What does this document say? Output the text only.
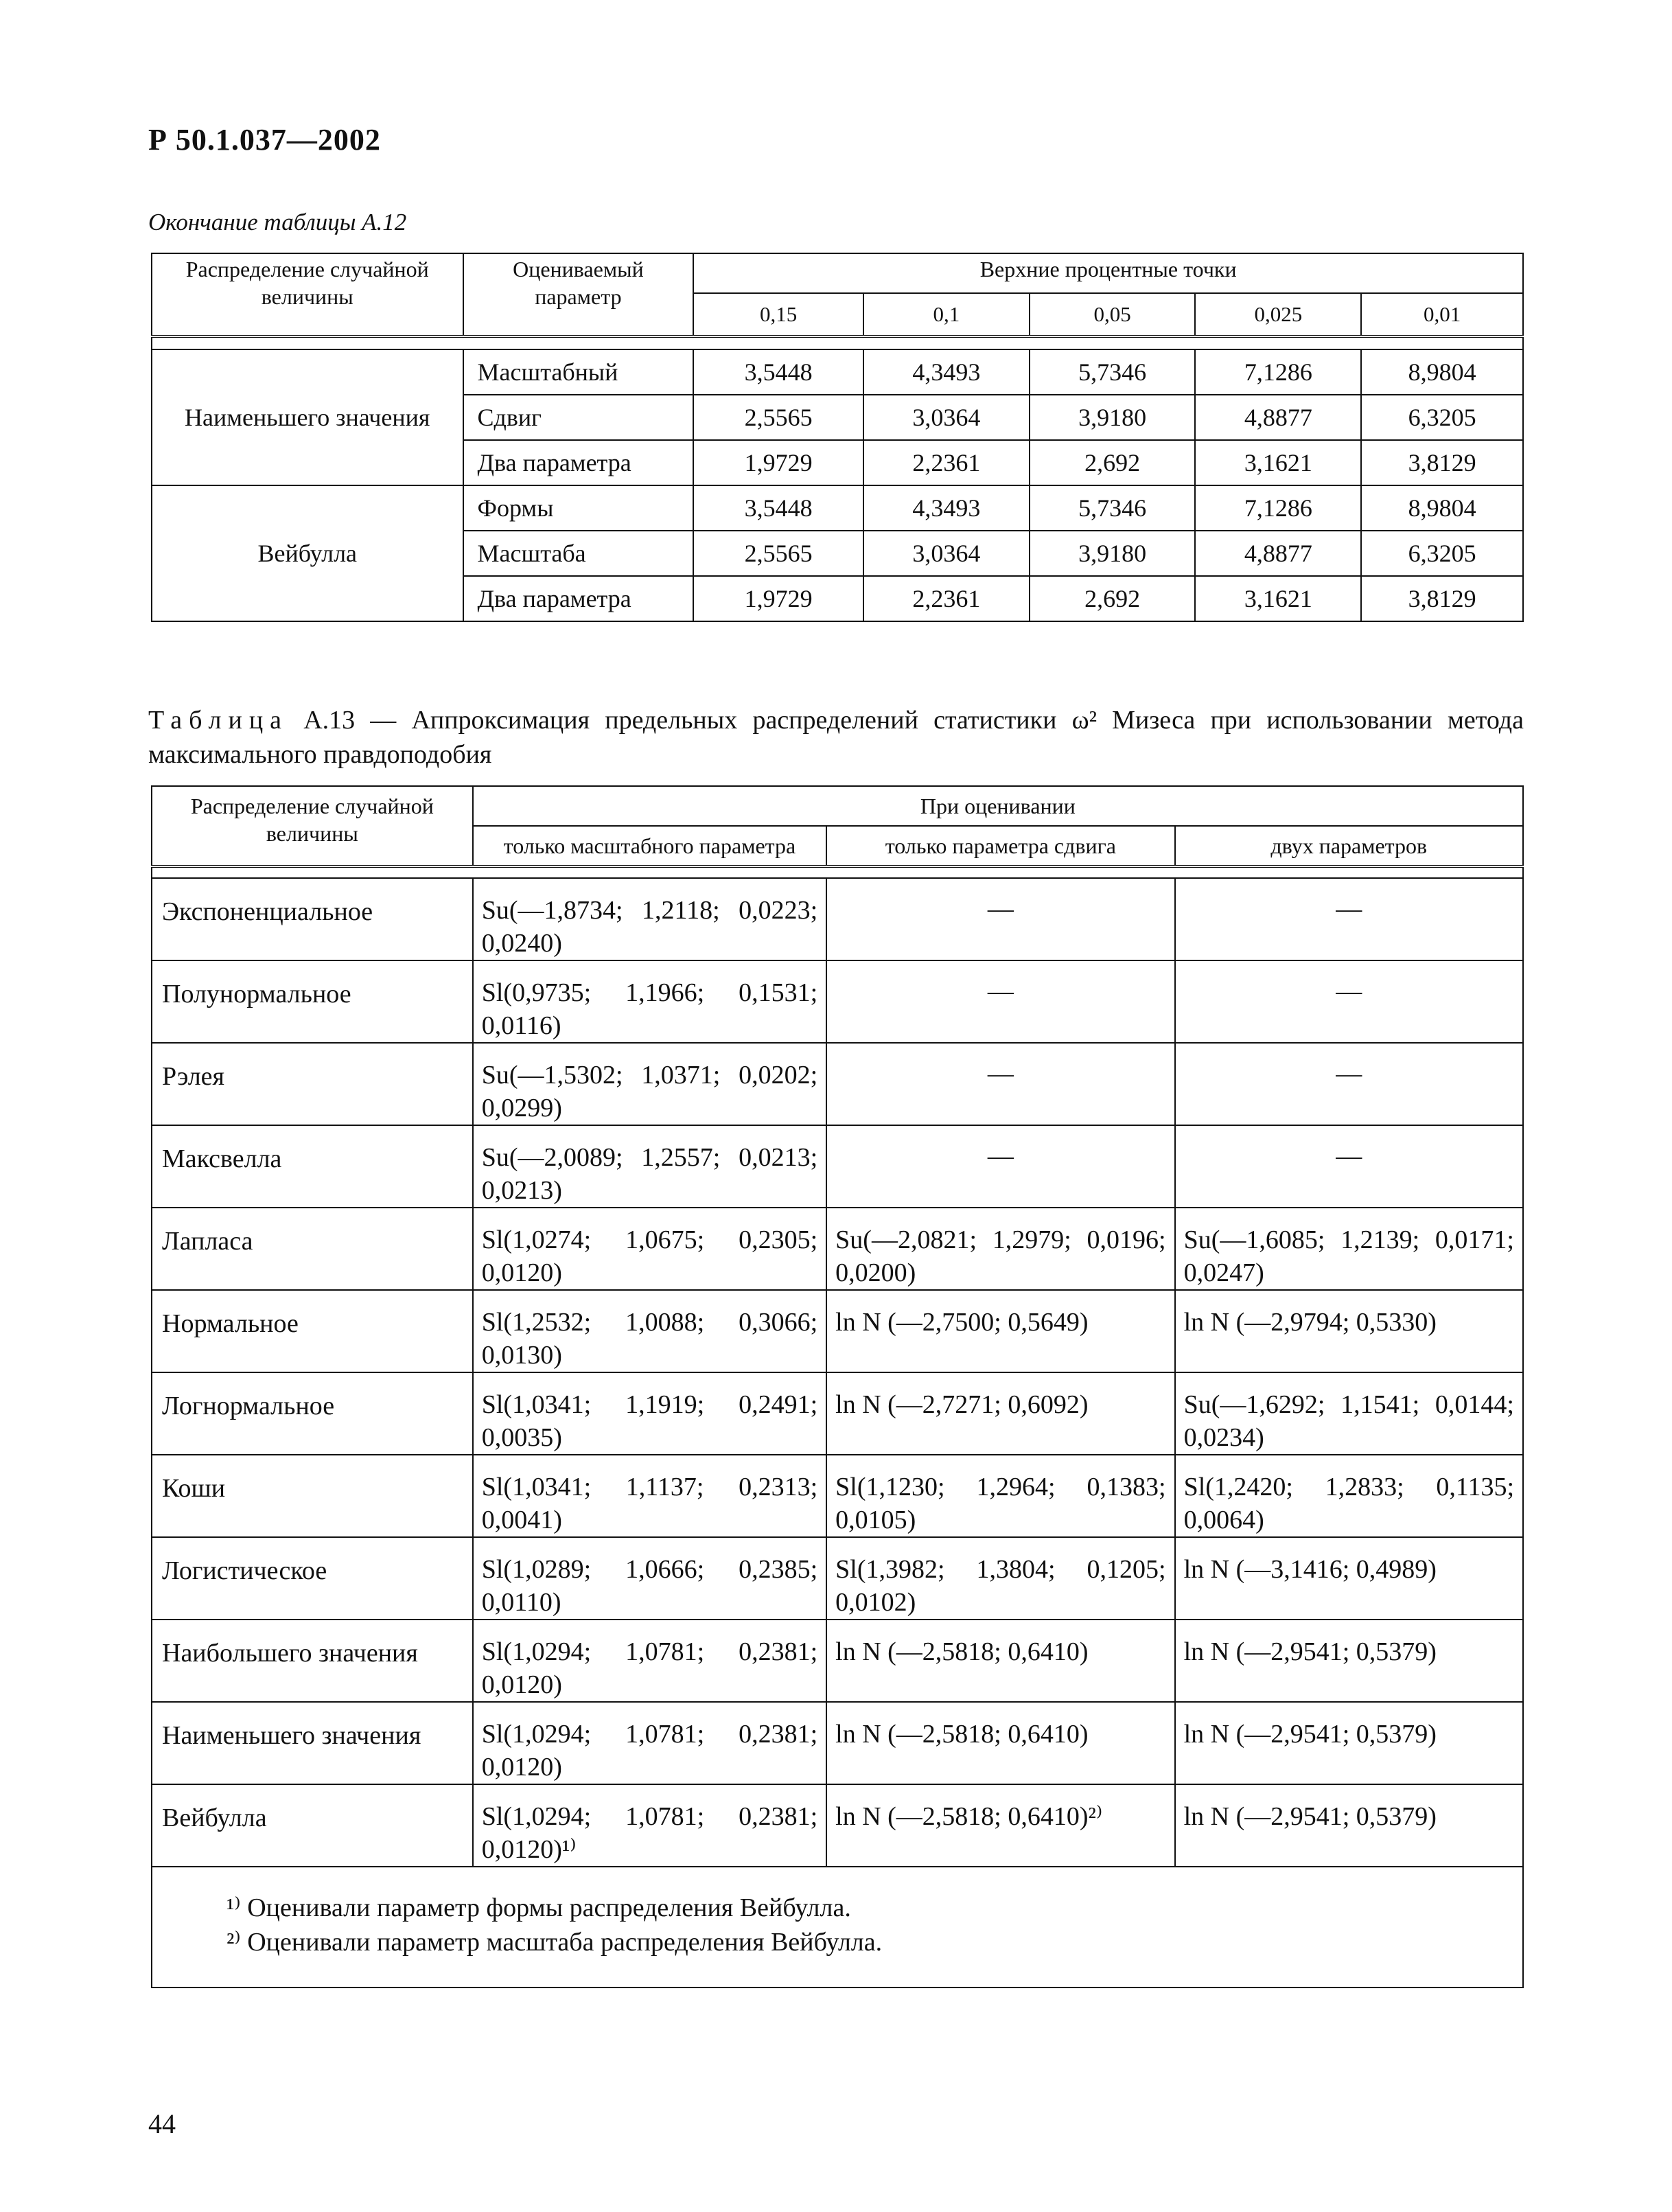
Р 50.1.037—2002
Окончание таблицы А.12
Распределение случайной величины	Оцениваемый параметр	Верхние процентные точки				
		0,15	0,1	0,05	0,025	0,01

Наименьшего значения	Масштабный	3,5448	4,3493	5,7346	7,1286	8,9804
	Сдвиг	2,5565	3,0364	3,9180	4,8877	6,3205
	Два параметра	1,9729	2,2361	2,692	3,1621	3,8129
Вейбулла	Формы	3,5448	4,3493	5,7346	7,1286	8,9804
	Масштаба	2,5565	3,0364	3,9180	4,8877	6,3205
	Два параметра	1,9729	2,2361	2,692	3,1621	3,8129
Таблица А.13 — Аппроксимация предельных распределений статистики ω² Мизеса при использовании метода максимального правдоподобия
Распределение случайной величины	При оценивании		
	только масштабного параметра	только параметра сдвига	двух параметров

Экспоненциальное	Su(—1,8734; 1,2118; 0,0223; 0,0240)	—	—
Полунормальное	Sl(0,9735; 1,1966; 0,1531; 0,0116)	—	—
Рэлея	Su(—1,5302; 1,0371; 0,0202; 0,0299)	—	—
Максвелла	Su(—2,0089; 1,2557; 0,0213; 0,0213)	—	—
Лапласа	Sl(1,0274; 1,0675; 0,2305; 0,0120)	Su(—2,0821; 1,2979; 0,0196; 0,0200)	Su(—1,6085; 1,2139; 0,0171; 0,0247)
Нормальное	Sl(1,2532; 1,0088; 0,3066; 0,0130)	ln N (—2,7500; 0,5649)	ln N (—2,9794; 0,5330)
Логнормальное	Sl(1,0341; 1,1919; 0,2491; 0,0035)	ln N (—2,7271; 0,6092)	Su(—1,6292; 1,1541; 0,0144; 0,0234)
Коши	Sl(1,0341; 1,1137; 0,2313; 0,0041)	Sl(1,1230; 1,2964; 0,1383; 0,0105)	Sl(1,2420; 1,2833; 0,1135; 0,0064)
Логистическое	Sl(1,0289; 1,0666; 0,2385; 0,0110)	Sl(1,3982; 1,3804; 0,1205; 0,0102)	ln N (—3,1416; 0,4989)
Наибольшего значения	Sl(1,0294; 1,0781; 0,2381; 0,0120)	ln N (—2,5818; 0,6410)	ln N (—2,9541; 0,5379)
Наименьшего значения	Sl(1,0294; 1,0781; 0,2381; 0,0120)	ln N (—2,5818; 0,6410)	ln N (—2,9541; 0,5379)
Вейбулла	Sl(1,0294; 1,0781; 0,2381; 0,0120)¹⁾	ln N (—2,5818; 0,6410)²⁾	ln N (—2,9541; 0,5379)

¹⁾ Оценивали параметр формы распределения Вейбулла.
²⁾ Оценивали параметр масштаба распределения Вейбулла.			
44
